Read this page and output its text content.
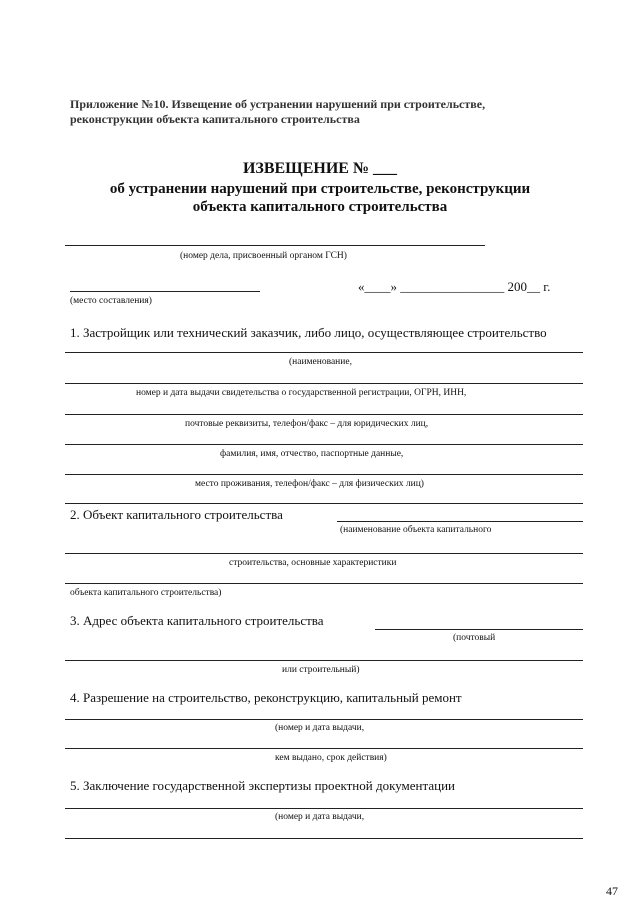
Приложение №10. Извещение об устранении нарушений при строительстве, реконструкции объекта капитального строительства
ИЗВЕЩЕНИЕ № ___
об устранении нарушений при строительстве, реконструкции
объекта капитального строительства
(номер дела, присвоенный органом ГСН)
«____» ________________ 200__ г.
(место составления)
1. Застройщик или технический заказчик, либо лицо, осуществляющее строительство
(наименование,
номер и дата выдачи свидетельства о государственной регистрации, ОГРН, ИНН,
почтовые реквизиты, телефон/факс – для юридических лиц,
фамилия, имя, отчество, паспортные данные,
место проживания, телефон/факс – для физических лиц)
2. Объект капитального строительства
(наименование объекта капитального
строительства, основные характеристики
объекта капитального строительства)
3. Адрес объекта капитального строительства
(почтовый
или строительный)
4. Разрешение на строительство, реконструкцию, капитальный ремонт
(номер и дата выдачи,
кем выдано, срок действия)
5. Заключение государственной экспертизы проектной документации
(номер и дата выдачи,
47
